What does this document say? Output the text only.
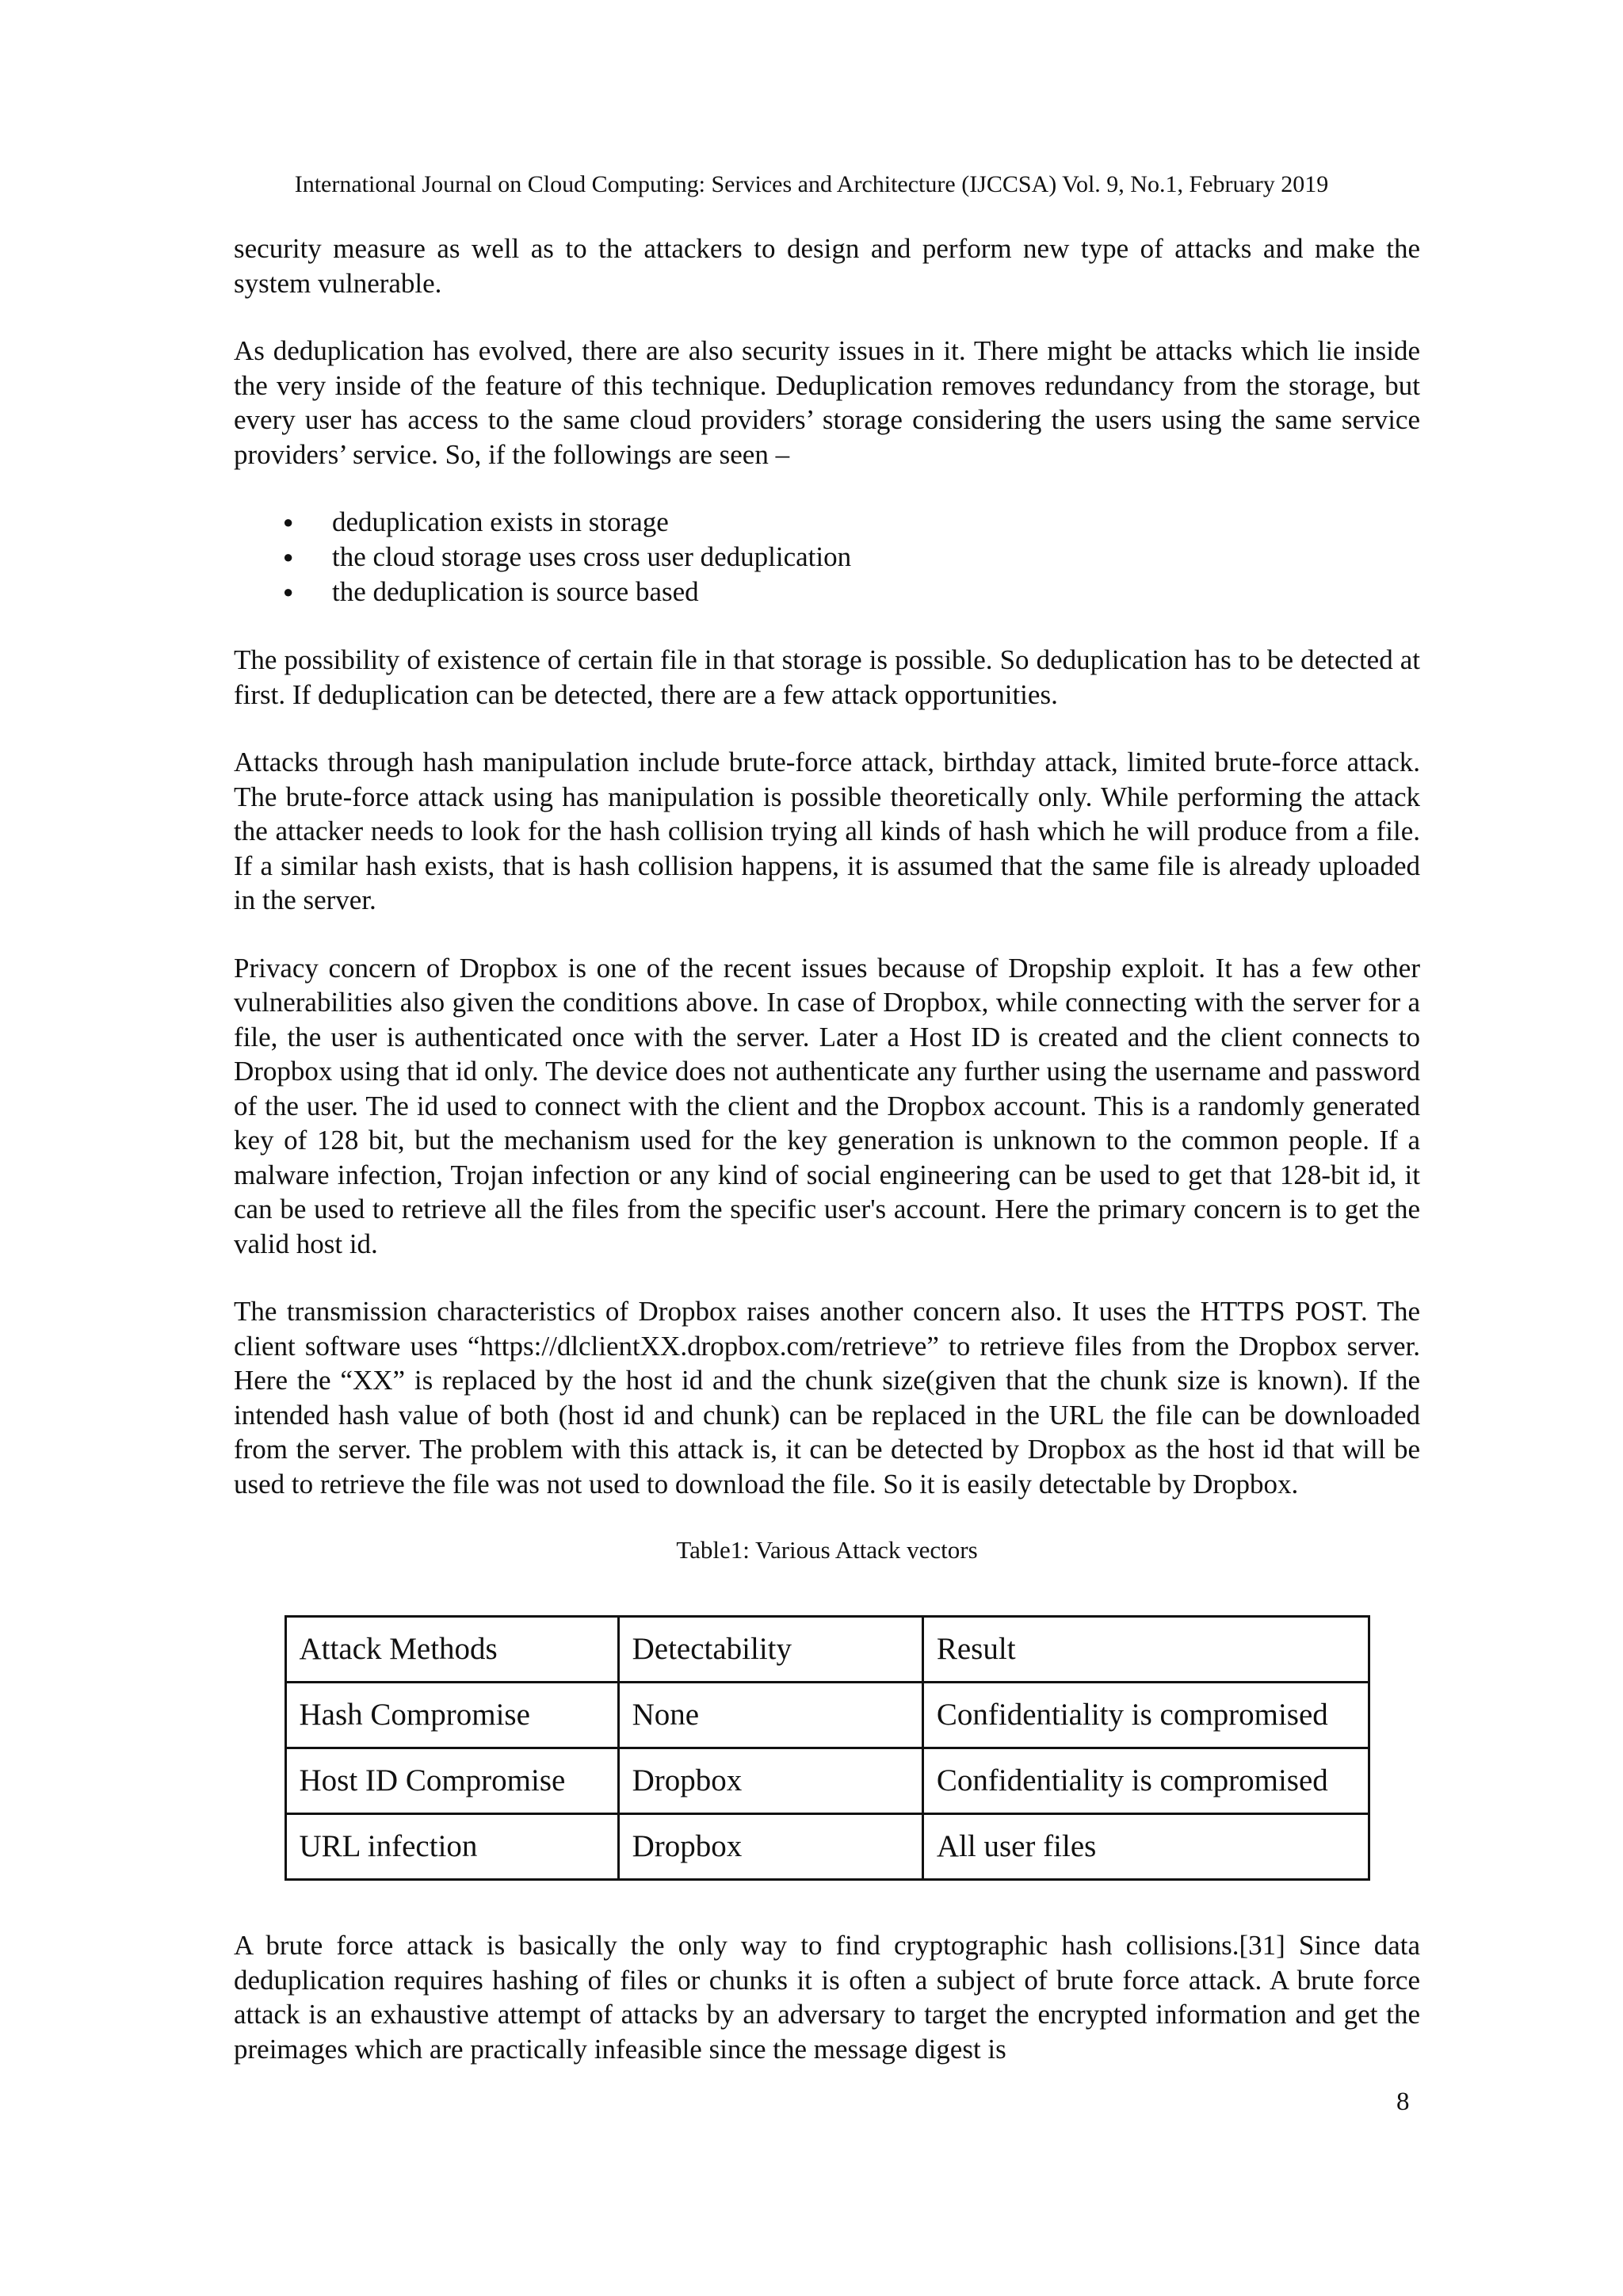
International Journal on Cloud Computing: Services and Architecture (IJCCSA) Vol. 9, No.1, February 2019

security measure as well as to the attackers to design and perform new type of attacks and make the system vulnerable.

As deduplication has evolved, there are also security issues in it. There might be attacks which lie inside the very inside of the feature of this technique. Deduplication removes redundancy from the storage, but every user has access to the same cloud providers’ storage considering the users using the same service providers’ service. So, if the followings are seen –

● deduplication exists in storage
● the cloud storage uses cross user deduplication
● the deduplication is source based

The possibility of existence of certain file in that storage is possible. So deduplication has to be detected at first. If deduplication can be detected, there are a few attack opportunities.

Attacks through hash manipulation include brute-force attack, birthday attack, limited brute-force attack. The brute-force attack using has manipulation is possible theoretically only. While performing the attack the attacker needs to look for the hash collision trying all kinds of hash which he will produce from a file. If a similar hash exists, that is hash collision happens, it is assumed that the same file is already uploaded in the server.

Privacy concern of Dropbox is one of the recent issues because of Dropship exploit. It has a few other vulnerabilities also given the conditions above. In case of Dropbox, while connecting with the server for a file, the user is authenticated once with the server. Later a Host ID is created and the client connects to Dropbox using that id only. The device does not authenticate any further using the username and password of the user. The id used to connect with the client and the Dropbox account. This is a randomly generated key of 128 bit, but the mechanism used for the key generation is unknown to the common people. If a malware infection, Trojan infection or any kind of social engineering can be used to get that 128-bit id, it can be used to retrieve all the files from the specific user's account. Here the primary concern is to get the valid host id.

The transmission characteristics of Dropbox raises another concern also. It uses the HTTPS POST. The client software uses “https://dlclientXX.dropbox.com/retrieve” to retrieve files from the Dropbox server. Here the “XX” is replaced by the host id and the chunk size(given that the chunk size is known). If the intended hash value of both (host id and chunk) can be replaced in the URL the file can be downloaded from the server. The problem with this attack is, it can be detected by Dropbox as the host id that will be used to retrieve the file was not used to download the file. So it is easily detectable by Dropbox.

Table1: Various Attack vectors
Attack Methods	Detectability	Result
Hash Compromise	None	Confidentiality is compromised
Host ID Compromise	Dropbox	Confidentiality is compromised
URL infection	Dropbox	All user files

A brute force attack is basically the only way to find cryptographic hash collisions.[31] Since data deduplication requires hashing of files or chunks it is often a subject of brute force attack. A brute force attack is an exhaustive attempt of attacks by an adversary to target the encrypted information and get the preimages which are practically infeasible since the message digest is

8
